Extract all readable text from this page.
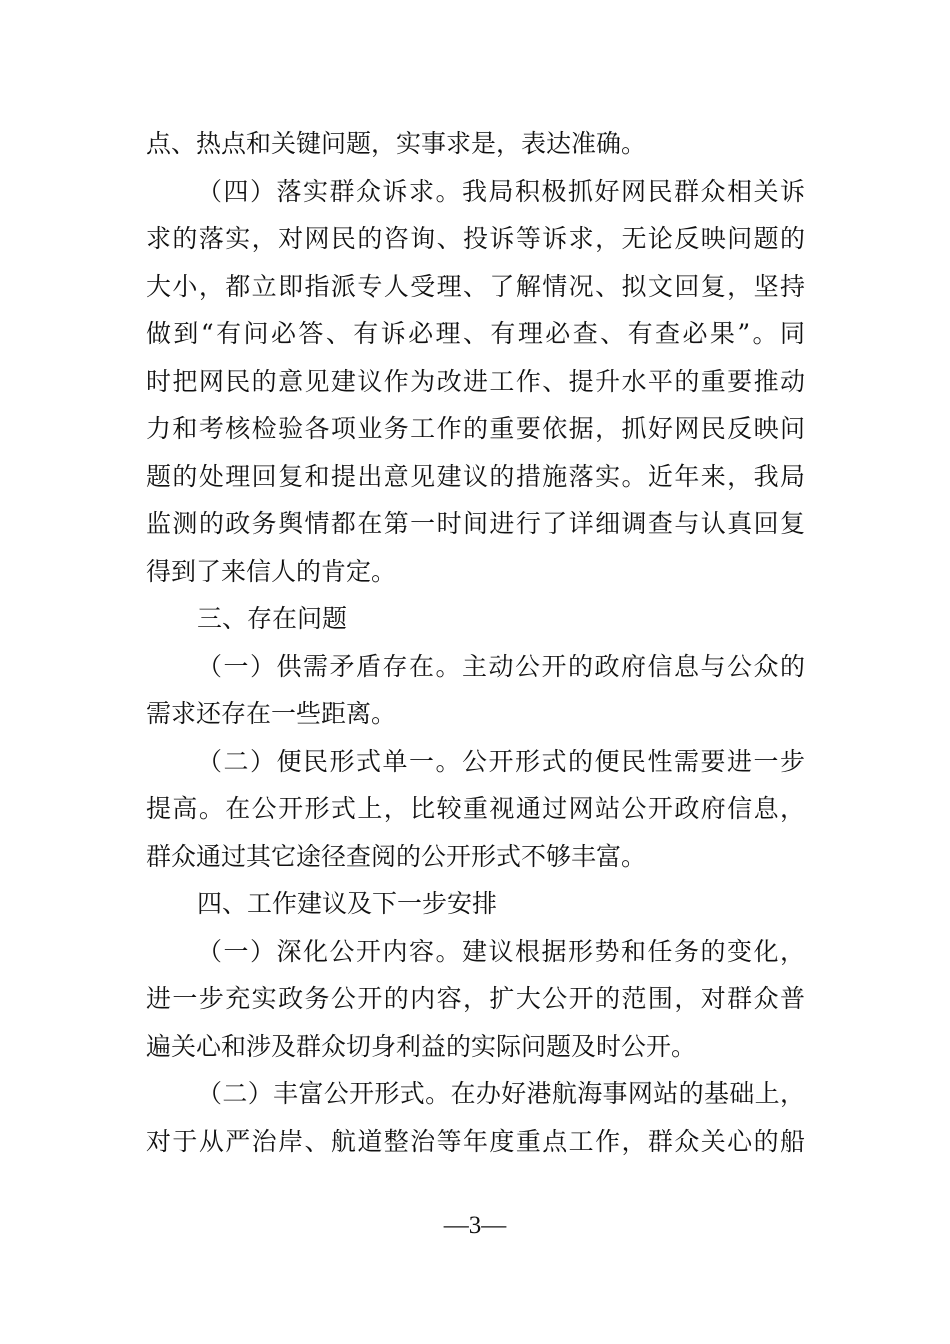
点、热点和关键问题，实事求是，表达准确。
（四）落实群众诉求。我局积极抓好网民群众相关诉
求的落实，对网民的咨询、投诉等诉求，无论反映问题的
大小，都立即指派专人受理、了解情况、拟文回复，坚持
做到“有问必答、有诉必理、有理必查、有查必果”。同
时把网民的意见建议作为改进工作、提升水平的重要推动
力和考核检验各项业务工作的重要依据，抓好网民反映问
题的处理回复和提出意见建议的措施落实。近年来，我局
监测的政务舆情都在第一时间进行了详细调查与认真回复
得到了来信人的肯定。
三、存在问题
（一）供需矛盾存在。主动公开的政府信息与公众的
需求还存在一些距离。
（二）便民形式单一。公开形式的便民性需要进一步
提高。在公开形式上，比较重视通过网站公开政府信息，
群众通过其它途径查阅的公开形式不够丰富。
四、工作建议及下一步安排
（一）深化公开内容。建议根据形势和任务的变化，
进一步充实政务公开的内容，扩大公开的范围，对群众普
遍关心和涉及群众切身利益的实际问题及时公开。
（二）丰富公开形式。在办好港航海事网站的基础上，
对于从严治岸、航道整治等年度重点工作，群众关心的船
—3—
